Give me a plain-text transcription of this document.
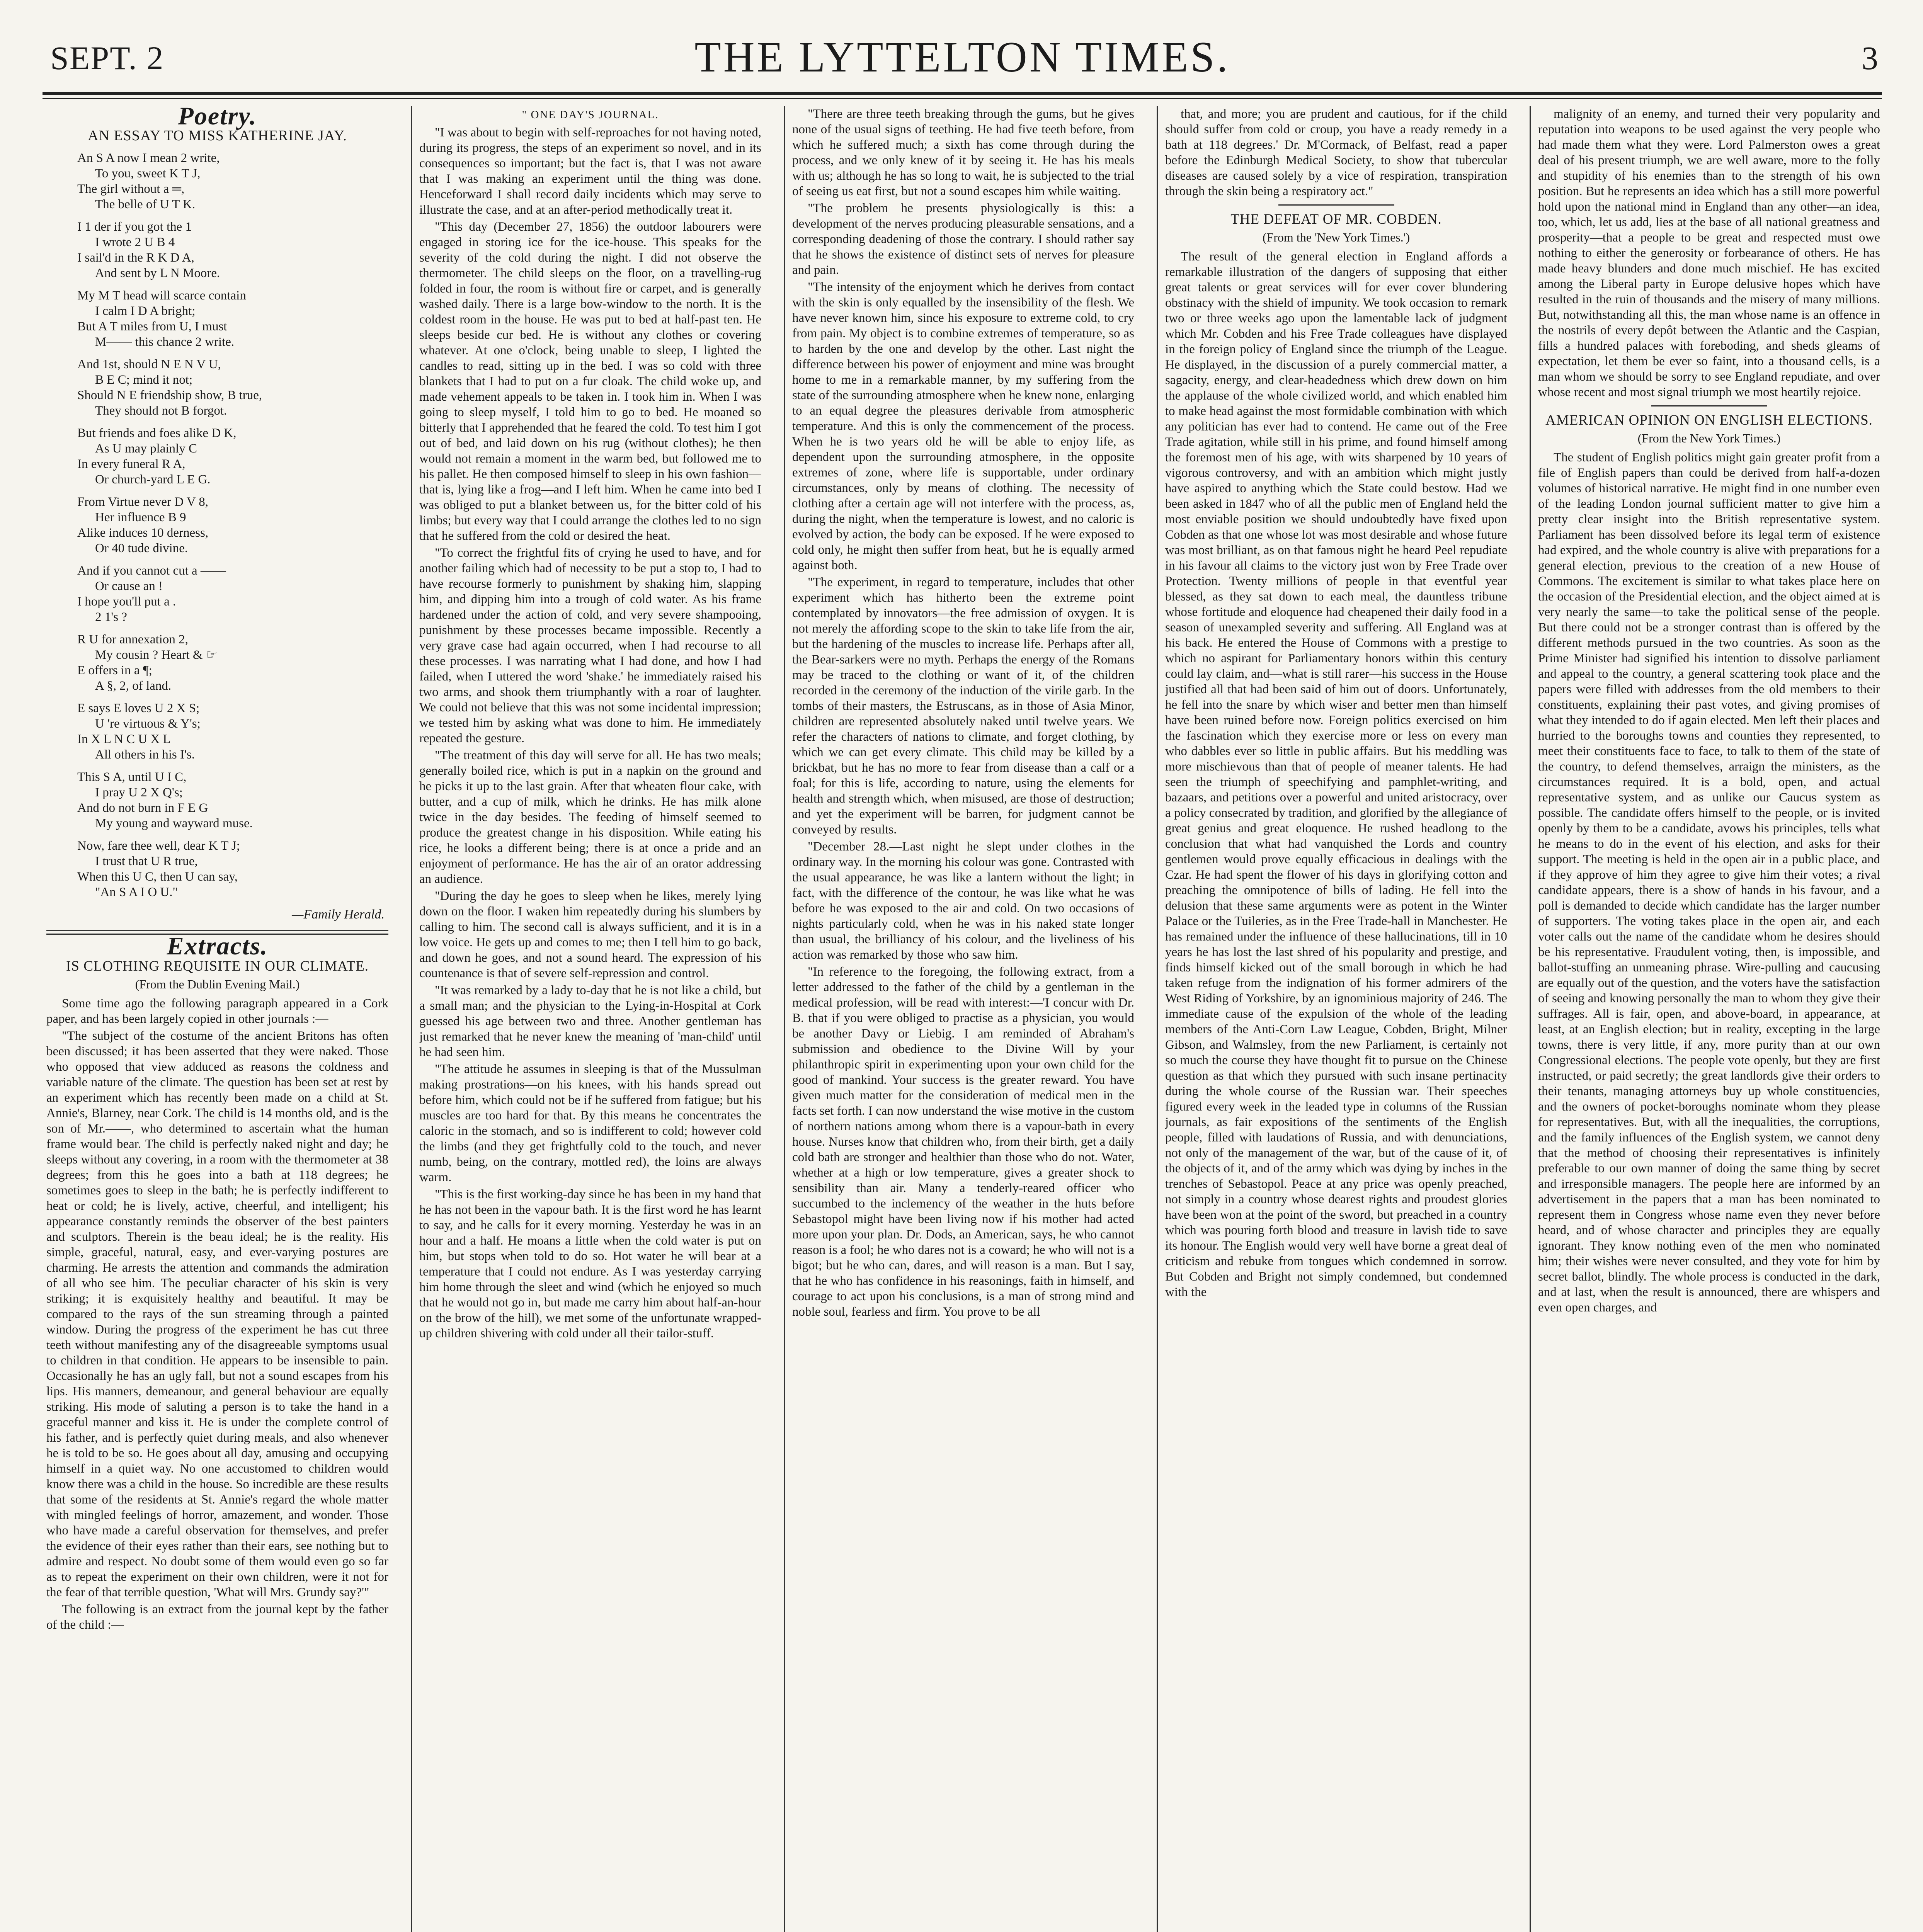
SEPT. 2	THE LYTTELTON TIMES.	3
Poetry.
AN ESSAY TO MISS KATHERINE JAY.
An S A now I mean 2 write,
To you, sweet K T J,
The girl without a ═,
The belle of U T K.
I 1 der if you got the 1
I wrote 2 U B 4
I sail'd in the R K D A,
And sent by L N Moore.
My M T head will scarce contain
I calm I D A bright;
But A T miles from U, I must
M—— this chance 2 write.
And 1st, should N E N V U,
B E C; mind it not;
Should N E friendship show, B true,
They should not B forgot.
But friends and foes alike D K,
As U may plainly C
In every funeral R A,
Or church-yard L E G.
From Virtue never D V 8,
Her influence B 9
Alike induces 10 derness,
Or 40 tude divine.
And if you cannot cut a ——
Or cause an !
I hope you'll put a .
2 1's ?
R U for annexation 2,
My cousin ? Heart & ☞
E offers in a ¶;
A §, 2, of land.
E says E loves U 2 X S;
U 're virtuous & Y's;
In X L N C U X L
All others in his I's.
This S A, until U I C,
I pray U 2 X Q's;
And do not burn in F E G
My young and wayward muse.
Now, fare thee well, dear K T J;
I trust that U R true,
When this U C, then U can say,
"An S A I O U."
—Family Herald.
Extracts.
IS CLOTHING REQUISITE IN OUR CLIMATE.
(From the Dublin Evening Mail.)

Some time ago the following paragraph appeared in a Cork paper, and has been largely copied in other journals :—

"The subject of the costume of the ancient Britons has often been discussed; it has been asserted that they were naked. Those who opposed that view adduced as reasons the coldness and variable nature of the climate. The question has been set at rest by an experiment which has recently been made on a child at St. Annie's, Blarney, near Cork. The child is 14 months old, and is the son of Mr.——, who determined to ascertain what the human frame would bear. The child is perfectly naked night and day; he sleeps without any covering, in a room with the thermometer at 38 degrees; from this he goes into a bath at 118 degrees; he sometimes goes to sleep in the bath; he is perfectly indifferent to heat or cold; he is lively, active, cheerful, and intelligent; his appearance constantly reminds the observer of the best painters and sculptors. Therein is the beau ideal; he is the reality. His simple, graceful, natural, easy, and ever-varying postures are charming. He arrests the attention and commands the admiration of all who see him. The peculiar character of his skin is very striking; it is exquisitely healthy and beautiful. It may be compared to the rays of the sun streaming through a painted window. During the progress of the experiment he has cut three teeth without manifesting any of the disagreeable symptoms usual to children in that condition. He appears to be insensible to pain. Occasionally he has an ugly fall, but not a sound escapes from his lips. His manners, demeanour, and general behaviour are equally striking. His mode of saluting a person is to take the hand in a graceful manner and kiss it. He is under the complete control of his father, and is perfectly quiet during meals, and also whenever he is told to be so. He goes about all day, amusing and occupying himself in a quiet way. No one accustomed to children would know there was a child in the house. So incredible are these results that some of the residents at St. Annie's regard the whole matter with mingled feelings of horror, amazement, and wonder. Those who have made a careful observation for themselves, and prefer the evidence of their eyes rather than their ears, see nothing but to admire and respect. No doubt some of them would even go so far as to repeat the experiment on their own children, were it not for the fear of that terrible question, 'What will Mrs. Grundy say?'"

The following is an extract from the journal kept by the father of the child :—

" ONE DAY'S JOURNAL.

"I was about to begin with self-reproaches for not having noted, during its progress, the steps of an experiment so novel, and in its consequences so important; but the fact is, that I was not aware that I was making an experiment until the thing was done. Henceforward I shall record daily incidents which may serve to illustrate the case, and at an after-period methodically treat it.

"This day (December 27, 1856) the outdoor labourers were engaged in storing ice for the ice-house. This speaks for the severity of the cold during the night. I did not observe the thermometer. The child sleeps on the floor, on a travelling-rug folded in four, the room is without fire or carpet, and is generally washed daily. There is a large bow-window to the north. It is the coldest room in the house. He was put to bed at half-past ten. He sleeps beside cur bed. He is without any clothes or covering whatever. At one o'clock, being unable to sleep, I lighted the candles to read, sitting up in the bed. I was so cold with three blankets that I had to put on a fur cloak. The child woke up, and made vehement appeals to be taken in. I took him in. When I was going to sleep myself, I told him to go to bed. He moaned so bitterly that I apprehended that he feared the cold. To test him I got out of bed, and laid down on his rug (without clothes); he then would not remain a moment in the warm bed, but followed me to his pallet. He then composed himself to sleep in his own fashion—that is, lying like a frog—and I left him. When he came into bed I was obliged to put a blanket between us, for the bitter cold of his limbs; but every way that I could arrange the clothes led to no sign that he suffered from the cold or desired the heat.

"To correct the frightful fits of crying he used to have, and for another failing which had of necessity to be put a stop to, I had to have recourse formerly to punishment by shaking him, slapping him, and dipping him into a trough of cold water. As his frame hardened under the action of cold, and very severe shampooing, punishment by these processes became impossible. Recently a very grave case had again occurred, when I had recourse to all these processes. I was narrating what I had done, and how I had failed, when I uttered the word 'shake.' he immediately raised his two arms, and shook them triumphantly with a roar of laughter. We could not believe that this was not some incidental impression; we tested him by asking what was done to him. He immediately repeated the gesture.

"The treatment of this day will serve for all. He has two meals; generally boiled rice, which is put in a napkin on the ground and he picks it up to the last grain. After that wheaten flour cake, with butter, and a cup of milk, which he drinks. He has milk alone twice in the day besides. The feeding of himself seemed to produce the greatest change in his disposition. While eating his rice, he looks a different being; there is at once a pride and an enjoyment of performance. He has the air of an orator addressing an audience.

"During the day he goes to sleep when he likes, merely lying down on the floor. I waken him repeatedly during his slumbers by calling to him. The second call is always sufficient, and it is in a low voice. He gets up and comes to me; then I tell him to go back, and down he goes, and not a sound heard. The expression of his countenance is that of severe self-repression and control.

"It was remarked by a lady to-day that he is not like a child, but a small man; and the physician to the Lying-in-Hospital at Cork guessed his age between two and three. Another gentleman has just remarked that he never knew the meaning of 'man-child' until he had seen him.

"The attitude he assumes in sleeping is that of the Mussulman making prostrations—on his knees, with his hands spread out before him, which could not be if he suffered from fatigue; but his muscles are too hard for that. By this means he concentrates the caloric in the stomach, and so is indifferent to cold; however cold the limbs (and they get frightfully cold to the touch, and never numb, being, on the contrary, mottled red), the loins are always warm.

"This is the first working-day since he has been in my hand that he has not been in the vapour bath. It is the first word he has learnt to say, and he calls for it every morning. Yesterday he was in an hour and a half. He moans a little when the cold water is put on him, but stops when told to do so. Hot water he will bear at a temperature that I could not endure. As I was yesterday carrying him home through the sleet and wind (which he enjoyed so much that he would not go in, but made me carry him about half-an-hour on the brow of the hill), we met some of the unfortunate wrapped-up children shivering with cold under all their tailor-stuff.

"There are three teeth breaking through the gums, but he gives none of the usual signs of teething. He had five teeth before, from which he suffered much; a sixth has come through during the process, and we only knew of it by seeing it. He has his meals with us; although he has so long to wait, he is subjected to the trial of seeing us eat first, but not a sound escapes him while waiting.

"The problem he presents physiologically is this: a development of the nerves producing pleasurable sensations, and a corresponding deadening of those the contrary. I should rather say that he shows the existence of distinct sets of nerves for pleasure and pain.

"The intensity of the enjoyment which he derives from contact with the skin is only equalled by the insensibility of the flesh. We have never known him, since his exposure to extreme cold, to cry from pain. My object is to combine extremes of temperature, so as to harden by the one and develop by the other. Last night the difference between his power of enjoyment and mine was brought home to me in a remarkable manner, by my suffering from the state of the surrounding atmosphere when he knew none, enlarging to an equal degree the pleasures derivable from atmospheric temperature. And this is only the commencement of the process. When he is two years old he will be able to enjoy life, as dependent upon the surrounding atmosphere, in the opposite extremes of zone, where life is supportable, under ordinary circumstances, only by means of clothing. The necessity of clothing after a certain age will not interfere with the process, as, during the night, when the temperature is lowest, and no caloric is evolved by action, the body can be exposed. If he were exposed to cold only, he might then suffer from heat, but he is equally armed against both.

"The experiment, in regard to temperature, includes that other experiment which has hitherto been the extreme point contemplated by innovators—the free admission of oxygen. It is not merely the affording scope to the skin to take life from the air, but the hardening of the muscles to increase life. Perhaps after all, the Bear-sarkers were no myth. Perhaps the energy of the Romans may be traced to the clothing or want of it, of the children recorded in the ceremony of the induction of the virile garb. In the tombs of their masters, the Estruscans, as in those of Asia Minor, children are represented absolutely naked until twelve years. We refer the characters of nations to climate, and forget clothing, by which we can get every climate. This child may be killed by a brickbat, but he has no more to fear from disease than a calf or a foal; for this is life, according to nature, using the elements for health and strength which, when misused, are those of destruction; and yet the experiment will be barren, for judgment cannot be conveyed by results.

"December 28.—Last night he slept under clothes in the ordinary way. In the morning his colour was gone. Contrasted with the usual appearance, he was like a lantern without the light; in fact, with the difference of the contour, he was like what he was before he was exposed to the air and cold. On two occasions of nights particularly cold, when he was in his naked state longer than usual, the brilliancy of his colour, and the liveliness of his action was remarked by those who saw him.

"In reference to the foregoing, the following extract, from a letter addressed to the father of the child by a gentleman in the medical profession, will be read with interest:—'I concur with Dr. B. that if you were obliged to practise as a physician, you would be another Davy or Liebig. I am reminded of Abraham's submission and obedience to the Divine Will by your philanthropic spirit in experimenting upon your own child for the good of mankind. Your success is the greater reward. You have given much matter for the consideration of medical men in the facts set forth. I can now understand the wise motive in the custom of northern nations among whom there is a vapour-bath in every house. Nurses know that children who, from their birth, get a daily cold bath are stronger and healthier than those who do not. Water, whether at a high or low temperature, gives a greater shock to sensibility than air. Many a tenderly-reared officer who succumbed to the inclemency of the weather in the huts before Sebastopol might have been living now if his mother had acted more upon your plan. Dr. Dods, an American, says, he who cannot reason is a fool; he who dares not is a coward; he who will not is a bigot; but he who can, dares, and will reason is a man. But I say, that he who has confidence in his reasonings, faith in himself, and courage to act upon his conclusions, is a man of strong mind and noble soul, fearless and firm. You prove to be all

that, and more; you are prudent and cautious, for if the child should suffer from cold or croup, you have a ready remedy in a bath at 118 degrees.' Dr. M'Cormack, of Belfast, read a paper before the Edinburgh Medical Society, to show that tubercular diseases are caused solely by a vice of respiration, transpiration through the skin being a respiratory act."

THE DEFEAT OF MR. COBDEN.
(From the 'New York Times.')

The result of the general election in England affords a remarkable illustration of the dangers of supposing that either great talents or great services will for ever cover blundering obstinacy with the shield of impunity. We took occasion to remark two or three weeks ago upon the lamentable lack of judgment which Mr. Cobden and his Free Trade colleagues have displayed in the foreign policy of England since the triumph of the League. He displayed, in the discussion of a purely commercial matter, a sagacity, energy, and clear-headedness which drew down on him the applause of the whole civilized world, and which enabled him to make head against the most formidable combination with which any politician has ever had to contend. He came out of the Free Trade agitation, while still in his prime, and found himself among the foremost men of his age, with wits sharpened by 10 years of vigorous controversy, and with an ambition which might justly have aspired to anything which the State could bestow. Had we been asked in 1847 who of all the public men of England held the most enviable position we should undoubtedly have fixed upon Cobden as that one whose lot was most desirable and whose future was most brilliant, as on that famous night he heard Peel repudiate in his favour all claims to the victory just won by Free Trade over Protection. Twenty millions of people in that eventful year blessed, as they sat down to each meal, the dauntless tribune whose fortitude and eloquence had cheapened their daily food in a season of unexampled severity and suffering. All England was at his back. He entered the House of Commons with a prestige to which no aspirant for Parliamentary honors within this century could lay claim, and—what is still rarer—his success in the House justified all that had been said of him out of doors. Unfortunately, he fell into the snare by which wiser and better men than himself have been ruined before now. Foreign politics exercised on him the fascination which they exercise more or less on every man who dabbles ever so little in public affairs. But his meddling was more mischievous than that of people of meaner talents. He had seen the triumph of speechifying and pamphlet-writing, and bazaars, and petitions over a powerful and united aristocracy, over a policy consecrated by tradition, and glorified by the allegiance of great genius and great eloquence. He rushed headlong to the conclusion that what had vanquished the Lords and country gentlemen would prove equally efficacious in dealings with the Czar. He had spent the flower of his days in glorifying cotton and preaching the omnipotence of bills of lading. He fell into the delusion that these same arguments were as potent in the Winter Palace or the Tuileries, as in the Free Trade-hall in Manchester. He has remained under the influence of these hallucinations, till in 10 years he has lost the last shred of his popularity and prestige, and finds himself kicked out of the small borough in which he had taken refuge from the indignation of his former admirers of the West Riding of Yorkshire, by an ignominious majority of 246. The immediate cause of the expulsion of the whole of the leading members of the Anti-Corn Law League, Cobden, Bright, Milner Gibson, and Walmsley, from the new Parliament, is certainly not so much the course they have thought fit to pursue on the Chinese question as that which they pursued with such insane pertinacity during the whole course of the Russian war. Their speeches figured every week in the leaded type in columns of the Russian journals, as fair expositions of the sentiments of the English people, filled with laudations of Russia, and with denunciations, not only of the management of the war, but of the cause of it, of the objects of it, and of the army which was dying by inches in the trenches of Sebastopol. Peace at any price was openly preached, not simply in a country whose dearest rights and proudest glories have been won at the point of the sword, but preached in a country which was pouring forth blood and treasure in lavish tide to save its honour. The English would very well have borne a great deal of criticism and rebuke from tongues which condemned in sorrow. But Cobden and Bright not simply condemned, but condemned with the

malignity of an enemy, and turned their very popularity and reputation into weapons to be used against the very people who had made them what they were. Lord Palmerston owes a great deal of his present triumph, we are well aware, more to the folly and stupidity of his enemies than to the strength of his own position. But he represents an idea which has a still more powerful hold upon the national mind in England than any other—an idea, too, which, let us add, lies at the base of all national greatness and prosperity—that a people to be great and respected must owe nothing to either the generosity or forbearance of others. He has made heavy blunders and done much mischief. He has excited among the Liberal party in Europe delusive hopes which have resulted in the ruin of thousands and the misery of many millions. But, notwithstanding all this, the man whose name is an offence in the nostrils of every depôt between the Atlantic and the Caspian, fills a hundred palaces with foreboding, and sheds gleams of expectation, let them be ever so faint, into a thousand cells, is a man whom we should be sorry to see England repudiate, and over whose recent and most signal triumph we most heartily rejoice.

AMERICAN OPINION ON ENGLISH ELECTIONS.
(From the New York Times.)

The student of English politics might gain greater profit from a file of English papers than could be derived from half-a-dozen volumes of historical narrative. He might find in one number even of the leading London journal sufficient matter to give him a pretty clear insight into the British representative system. Parliament has been dissolved before its legal term of existence had expired, and the whole country is alive with preparations for a general election, previous to the creation of a new House of Commons. The excitement is similar to what takes place here on the occasion of the Presidential election, and the object aimed at is very nearly the same—to take the political sense of the people. But there could not be a stronger contrast than is offered by the different methods pursued in the two countries. As soon as the Prime Minister had signified his intention to dissolve parliament and appeal to the country, a general scattering took place and the papers were filled with addresses from the old members to their constituents, explaining their past votes, and giving promises of what they intended to do if again elected. Men left their places and hurried to the boroughs towns and counties they represented, to meet their constituents face to face, to talk to them of the state of the country, to defend themselves, arraign the ministers, as the circumstances required. It is a bold, open, and actual representative system, and as unlike our Caucus system as possible. The candidate offers himself to the people, or is invited openly by them to be a candidate, avows his principles, tells what he means to do in the event of his election, and asks for their support. The meeting is held in the open air in a public place, and if they approve of him they agree to give him their votes; a rival candidate appears, there is a show of hands in his favour, and a poll is demanded to decide which candidate has the larger number of supporters. The voting takes place in the open air, and each voter calls out the name of the candidate whom he desires should be his representative. Fraudulent voting, then, is impossible, and ballot-stuffing an unmeaning phrase. Wire-pulling and caucusing are equally out of the question, and the voters have the satisfaction of seeing and knowing personally the man to whom they give their suffrages. All is fair, open, and above-board, in appearance, at least, at an English election; but in reality, excepting in the large towns, there is very little, if any, more purity than at our own Congressional elections. The people vote openly, but they are first instructed, or paid secretly; the great landlords give their orders to their tenants, managing attorneys buy up whole constituencies, and the owners of pocket-boroughs nominate whom they please for representatives. But, with all the inequalities, the corruptions, and the family influences of the English system, we cannot deny that the method of choosing their representatives is infinitely preferable to our own manner of doing the same thing by secret and irresponsible managers. The people here are informed by an advertisement in the papers that a man has been nominated to represent them in Congress whose name even they never before heard, and of whose character and principles they are equally ignorant. They know nothing even of the men who nominated him; their wishes were never consulted, and they vote for him by secret ballot, blindly. The whole process is conducted in the dark, and at last, when the result is announced, there are whispers and even open charges, and
